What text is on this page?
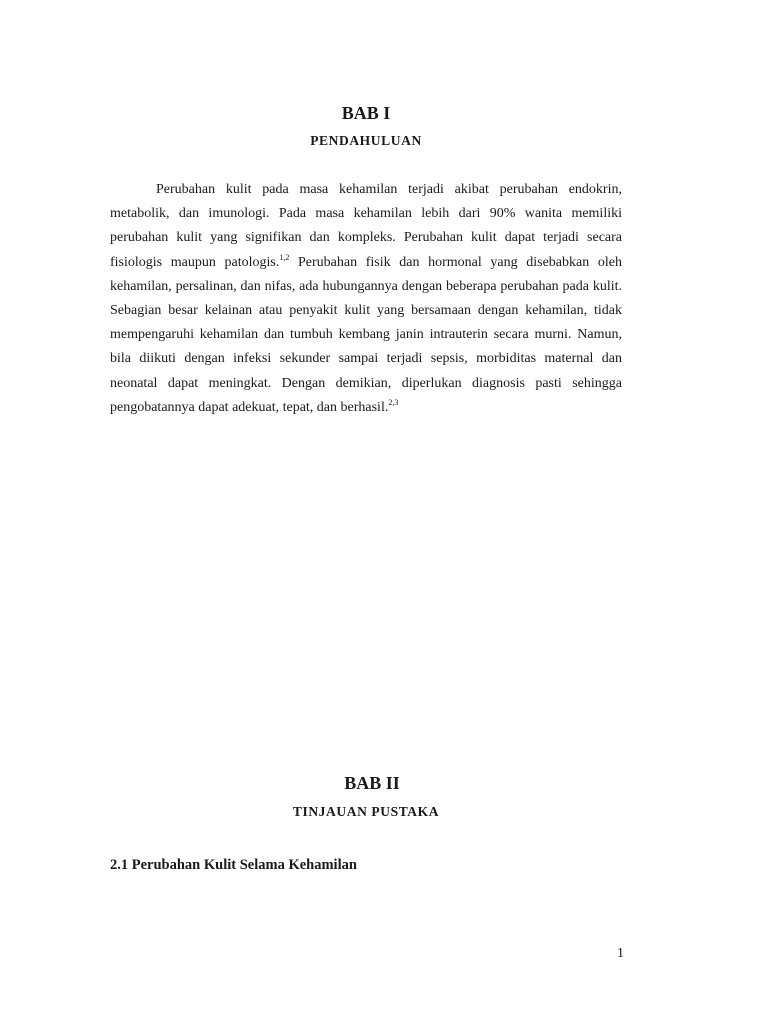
BAB I
PENDAHULUAN

Perubahan kulit pada masa kehamilan terjadi akibat perubahan endokrin, metabolik, dan imunologi. Pada masa kehamilan lebih dari 90% wanita memiliki perubahan kulit yang signifikan dan kompleks. Perubahan kulit dapat terjadi secara fisiologis maupun patologis.$^{1,2}$ Perubahan fisik dan hormonal yang disebabkan oleh kehamilan, persalinan, dan nifas, ada hubungannya dengan beberapa perubahan pada kulit. Sebagian besar kelainan atau penyakit kulit yang bersamaan dengan kehamilan, tidak mempengaruhi kehamilan dan tumbuh kembang janin intrauterin secara murni. Namun, bila diikuti dengan infeksi sekunder sampai terjadi sepsis, morbiditas maternal dan neonatal dapat meningkat. Dengan demikian, diperlukan diagnosis pasti sehingga pengobatannya dapat adekuat, tepat, dan berhasil.$^{2,3}$

BAB II
TINJAUAN PUSTAKA
2.1 Perubahan Kulit Selama Kehamilan
1
